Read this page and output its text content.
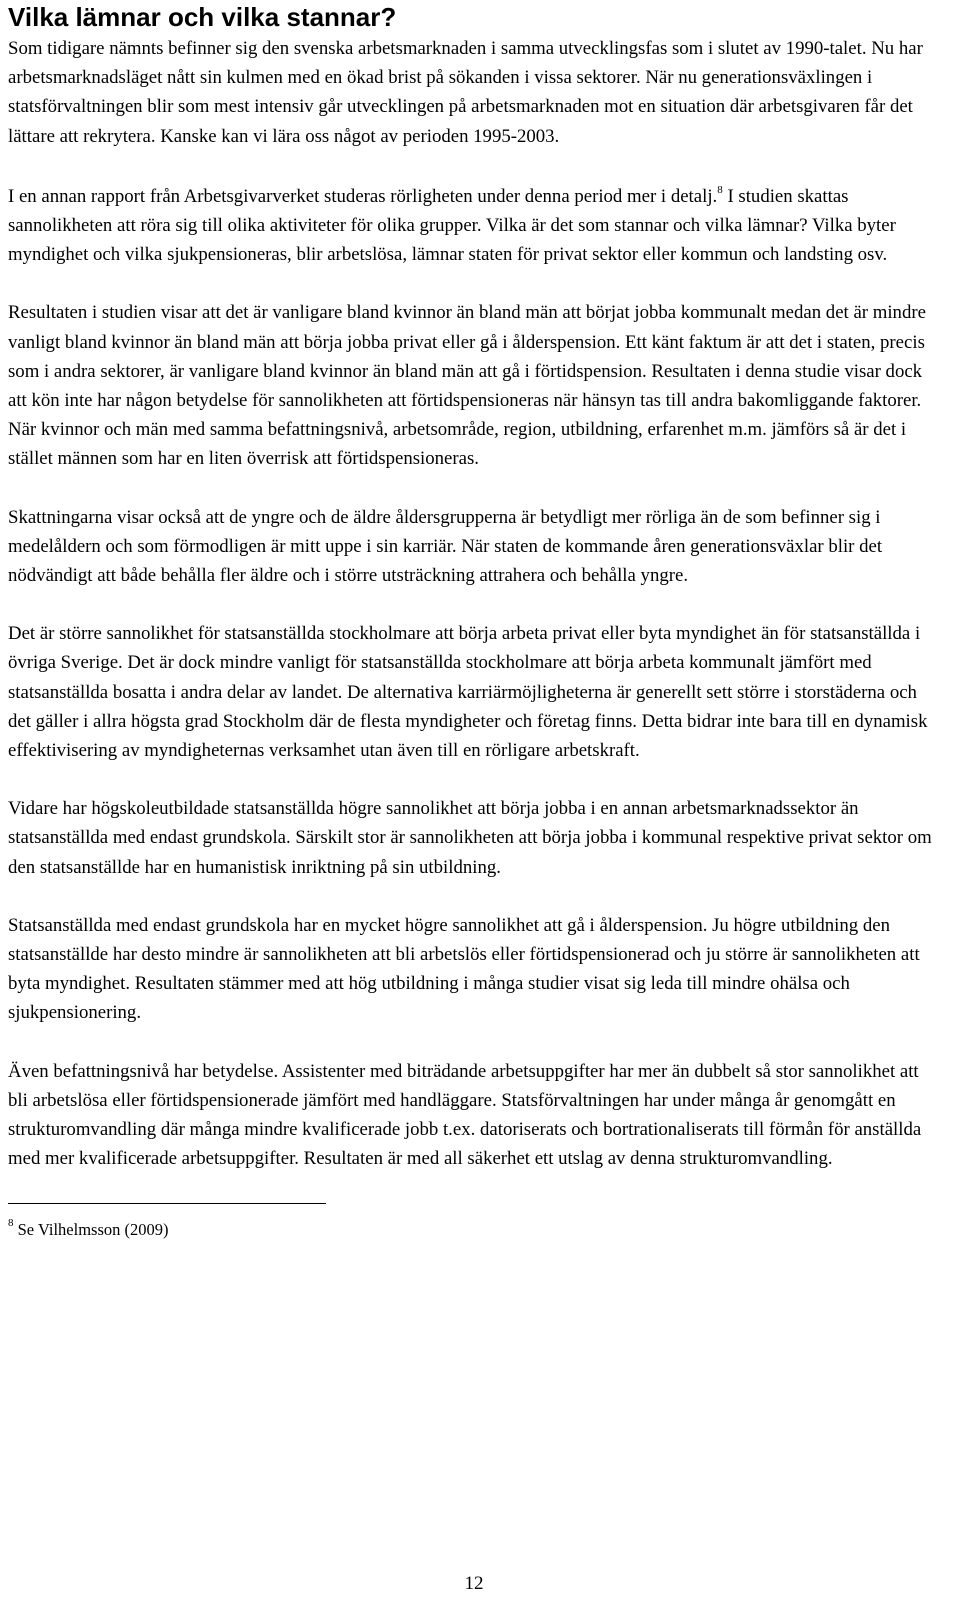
Vilka lämnar och vilka stannar?

Som tidigare nämnts befinner sig den svenska arbetsmarknaden i samma utvecklingsfas som i slutet av 1990-talet. Nu har arbetsmarknadsläget nått sin kulmen med en ökad brist på sökanden i vissa sektorer. När nu generationsväxlingen i statsförvaltningen blir som mest intensiv går utvecklingen på arbetsmarknaden mot en situation där arbetsgivaren får det lättare att rekrytera. Kanske kan vi lära oss något av perioden 1995-2003.

I en annan rapport från Arbetsgivarverket studeras rörligheten under denna period mer i detalj.$^8$ I studien skattas sannolikheten att röra sig till olika aktiviteter för olika grupper. Vilka är det som stannar och vilka lämnar? Vilka byter myndighet och vilka sjukpensioneras, blir arbetslösa, lämnar staten för privat sektor eller kommun och landsting osv.

Resultaten i studien visar att det är vanligare bland kvinnor än bland män att börjat jobba kommunalt medan det är mindre vanligt bland kvinnor än bland män att börja jobba privat eller gå i ålderspension. Ett känt faktum är att det i staten, precis som i andra sektorer, är vanligare bland kvinnor än bland män att gå i förtidspension. Resultaten i denna studie visar dock att kön inte har någon betydelse för sannolikheten att förtidspensioneras när hänsyn tas till andra bakomliggande faktorer. När kvinnor och män med samma befattningsnivå, arbetsområde, region, utbildning, erfarenhet m.m. jämförs så är det i stället männen som har en liten överrisk att förtidspensioneras.

Skattningarna visar också att de yngre och de äldre åldersgrupperna är betydligt mer rörliga än de som befinner sig i medelåldern och som förmodligen är mitt uppe i sin karriär. När staten de kommande åren generationsväxlar blir det nödvändigt att både behålla fler äldre och i större utsträckning attrahera och behålla yngre.

Det är större sannolikhet för statsanställda stockholmare att börja arbeta privat eller byta myndighet än för statsanställda i övriga Sverige. Det är dock mindre vanligt för statsanställda stockholmare att börja arbeta kommunalt jämfört med statsanställda bosatta i andra delar av landet. De alternativa karriärmöjligheterna är generellt sett större i storstäderna och det gäller i allra högsta grad Stockholm där de flesta myndigheter och företag finns. Detta bidrar inte bara till en dynamisk effektivisering av myndigheternas verksamhet utan även till en rörligare arbetskraft.

Vidare har högskoleutbildade statsanställda högre sannolikhet att börja jobba i en annan arbetsmarknadssektor än statsanställda med endast grundskola. Särskilt stor är sannolikheten att börja jobba i kommunal respektive privat sektor om den statsanställde har en humanistisk inriktning på sin utbildning.

Statsanställda med endast grundskola har en mycket högre sannolikhet att gå i ålderspension. Ju högre utbildning den statsanställde har desto mindre är sannolikheten att bli arbetslös eller förtidspensionerad och ju större är sannolikheten att byta myndighet. Resultaten stämmer med att hög utbildning i många studier visat sig leda till mindre ohälsa och sjukpensionering.

Även befattningsnivå har betydelse. Assistenter med biträdande arbetsuppgifter har mer än dubbelt så stor sannolikhet att bli arbetslösa eller förtidspensionerade jämfört med handläggare. Statsförvaltningen har under många år genomgått en strukturomvandling där många mindre kvalificerade jobb t.ex. datoriserats och bortrationaliserats till förmån för anställda med mer kvalificerade arbetsuppgifter. Resultaten är med all säkerhet ett utslag av denna strukturomvandling.

$^8$ Se Vilhelmsson (2009)
12
